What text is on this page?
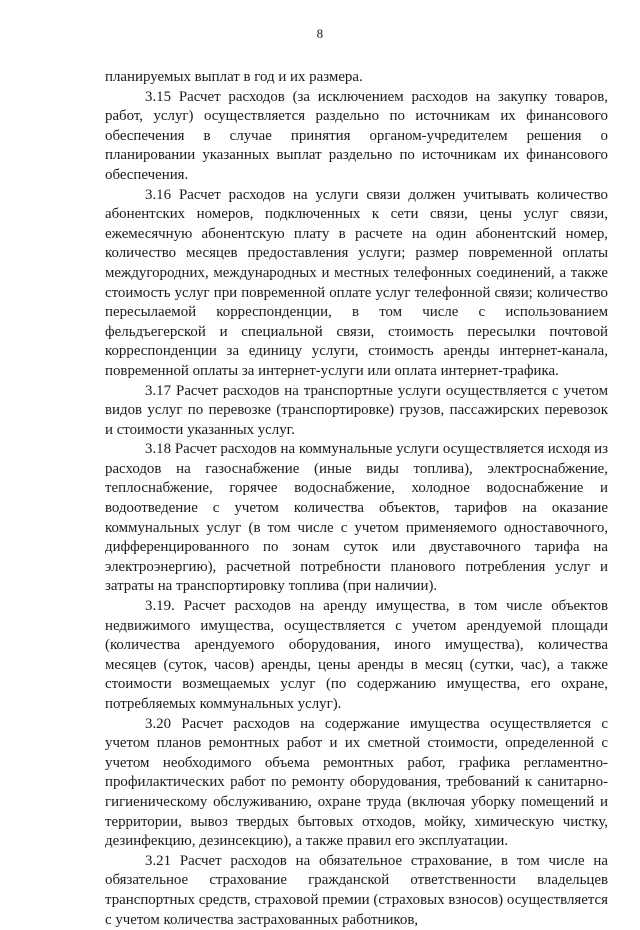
8

планируемых выплат в год и их размера.

3.15 Расчет расходов (за исключением расходов на закупку товаров, работ, услуг) осуществляется раздельно по источникам их финансового обеспечения в случае принятия органом-учредителем решения о планировании указанных выплат раздельно по источникам их финансового обеспечения.

3.16 Расчет расходов на услуги связи должен учитывать количество абонентских номеров, подключенных к сети связи, цены услуг связи, ежемесячную абонентскую плату в расчете на один абонентский номер, количество месяцев предоставления услуги; размер повременной оплаты междугородних, международных и местных телефонных соединений, а также стоимость услуг при повременной оплате услуг телефонной связи; количество пересылаемой корреспонденции, в том числе с использованием фельдъегерской и специальной связи, стоимость пересылки почтовой корреспонденции за единицу услуги, стоимость аренды интернет-канала, повременной оплаты за интернет-услуги или оплата интернет-трафика.

3.17 Расчет расходов на транспортные услуги осуществляется с учетом видов услуг по перевозке (транспортировке) грузов, пассажирских перевозок и стоимости указанных услуг.

3.18 Расчет расходов на коммунальные услуги осуществляется исходя из расходов на газоснабжение (иные виды топлива), электроснабжение, теплоснабжение, горячее водоснабжение, холодное водоснабжение и водоотведение с учетом количества объектов, тарифов на оказание коммунальных услуг (в том числе с учетом применяемого одноставочного, дифференцированного по зонам суток или двуставочного тарифа на электроэнергию), расчетной потребности планового потребления услуг и затраты на транспортировку топлива (при наличии).

3.19. Расчет расходов на аренду имущества, в том числе объектов недвижимого имущества, осуществляется с учетом арендуемой площади (количества арендуемого оборудования, иного имущества), количества месяцев (суток, часов) аренды, цены аренды в месяц (сутки, час), а также стоимости возмещаемых услуг (по содержанию имущества, его охране, потребляемых коммунальных услуг).

3.20 Расчет расходов на содержание имущества осуществляется с учетом планов ремонтных работ и их сметной стоимости, определенной с учетом необходимого объема ремонтных работ, графика регламентно-профилактических работ по ремонту оборудования, требований к санитарно-гигиеническому обслуживанию, охране труда (включая уборку помещений и территории, вывоз твердых бытовых отходов, мойку, химическую чистку, дезинфекцию, дезинсекцию), а также правил его эксплуатации.

3.21 Расчет расходов на обязательное страхование, в том числе на обязательное страхование гражданской ответственности владельцев транспортных средств, страховой премии (страховых взносов) осуществляется с учетом количества застрахованных работников,
